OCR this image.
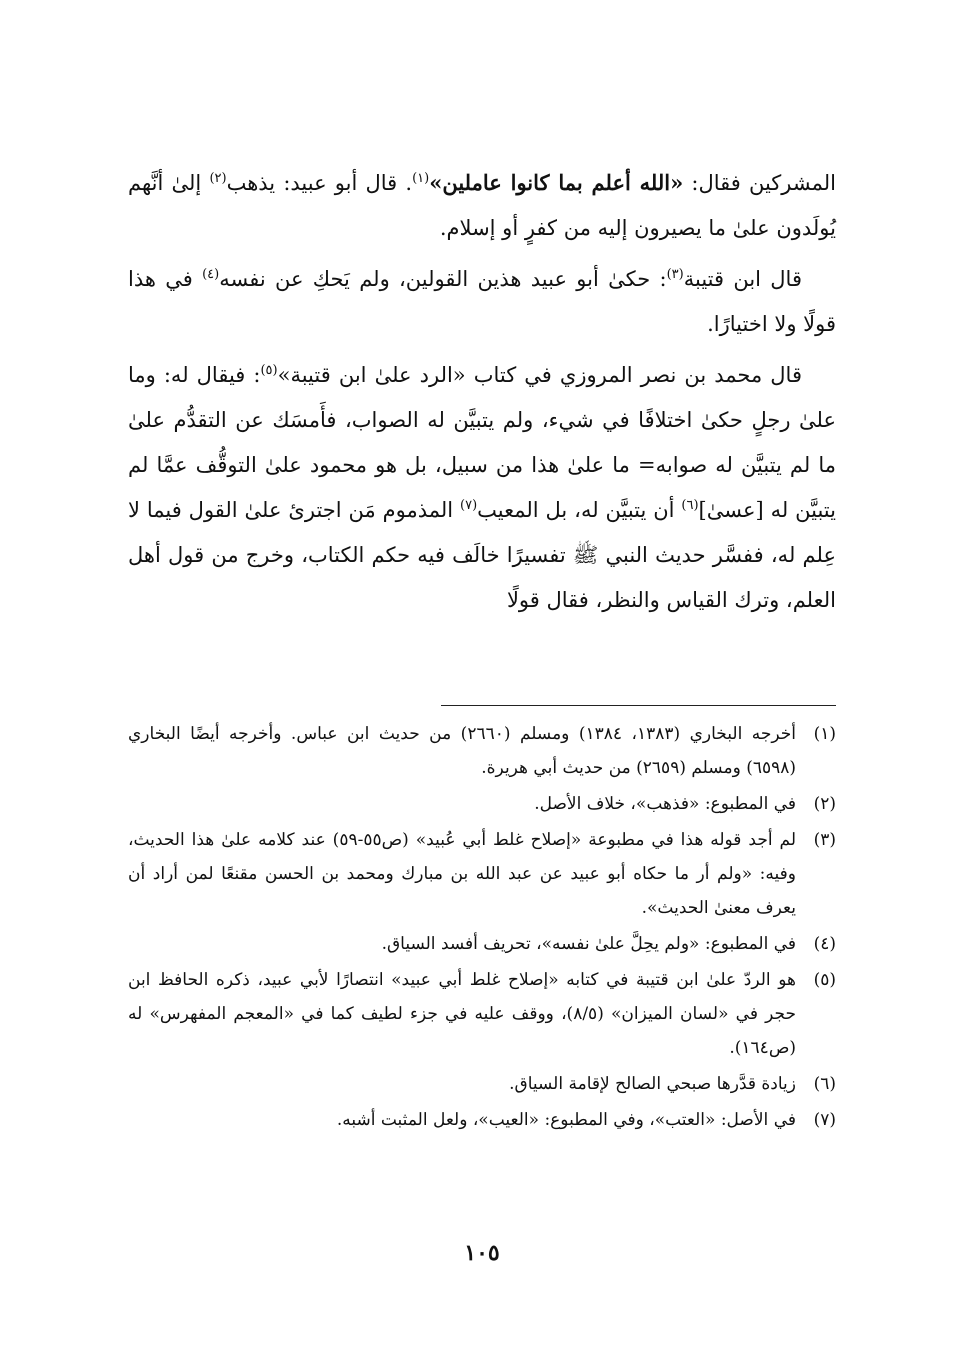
المشركين فقال: «الله أعلم بما كانوا عاملين»$^{(١)}$. قال أبو عبيد: يذهب$^{(٢)}$ إلىٰ أنَّهم يُولَدون علىٰ ما يصيرون إليه من كفرٍ أو إسلام.

قال ابن قتيبة$^{(٣)}$: حكىٰ أبو عبيد هذين القولين، ولم يَحكِ عن نفسه$^{(٤)}$ في هذا قولًا ولا اختيارًا.

قال محمد بن نصر المروزي في كتاب «الرد علىٰ ابن قتيبة»$^{(٥)}$: فيقال له: وما علىٰ رجلٍ حكىٰ اختلافًا في شيء، ولم يتبيَّن له الصواب، فأَمسَك عن التقدُّم علىٰ ما لم يتبيَّن له صوابه= ما علىٰ هذا من سبيل، بل هو محمود علىٰ التوقُّف عمَّا لم يتبيَّن له [عسىٰ]$^{(٦)}$ أن يتبيَّن له، بل المعيب$^{(٧)}$ المذموم مَن اجترئ علىٰ القول فيما لا عِلم له، ففسَّر حديث النبي ﷺ تفسيرًا خالَف فيه حكم الكتاب، وخرج من قول أهل العلم، وترك القياس والنظر، فقال قولًا

(١)
أخرجه البخاري (١٣٨٣، ١٣٨٤) ومسلم (٢٦٦٠) من حديث ابن عباس. وأخرجه أيضًا البخاري (٦٥٩٨) ومسلم (٢٦٥٩) من حديث أبي هريرة.
(٢)
في المطبوع: «فذهب»، خلاف الأصل.
(٣)
لم أجد قوله هذا في مطبوعة «إصلاح غلط أبي عُبيد» (ص٥٥-٥٩) عند كلامه علىٰ هذا الحديث، وفيه: «ولم أر ما حكاه أبو عبيد عن عبد الله بن مبارك ومحمد بن الحسن مقنعًا لمن أراد أن يعرف معنىٰ الحديث».
(٤)
في المطبوع: «ولم يحِلَّ علىٰ نفسه»، تحريف أفسد السياق.
(٥)
هو الردّ علىٰ ابن قتيبة في كتابه «إصلاح غلط أبي عبيد» انتصارًا لأبي عبيد، ذكره الحافظ ابن حجر في «لسان الميزان» (٨/٥)، ووقف عليه في جزء لطيف كما في «المعجم المفهرس» له (ص١٦٤).
(٦)
زيادة قدَّرها صبحي الصالح لإقامة السياق.
(٧)
في الأصل: «العتب»، وفي المطبوع: «العيب»، ولعل المثبت أشبه.
١٠٥
